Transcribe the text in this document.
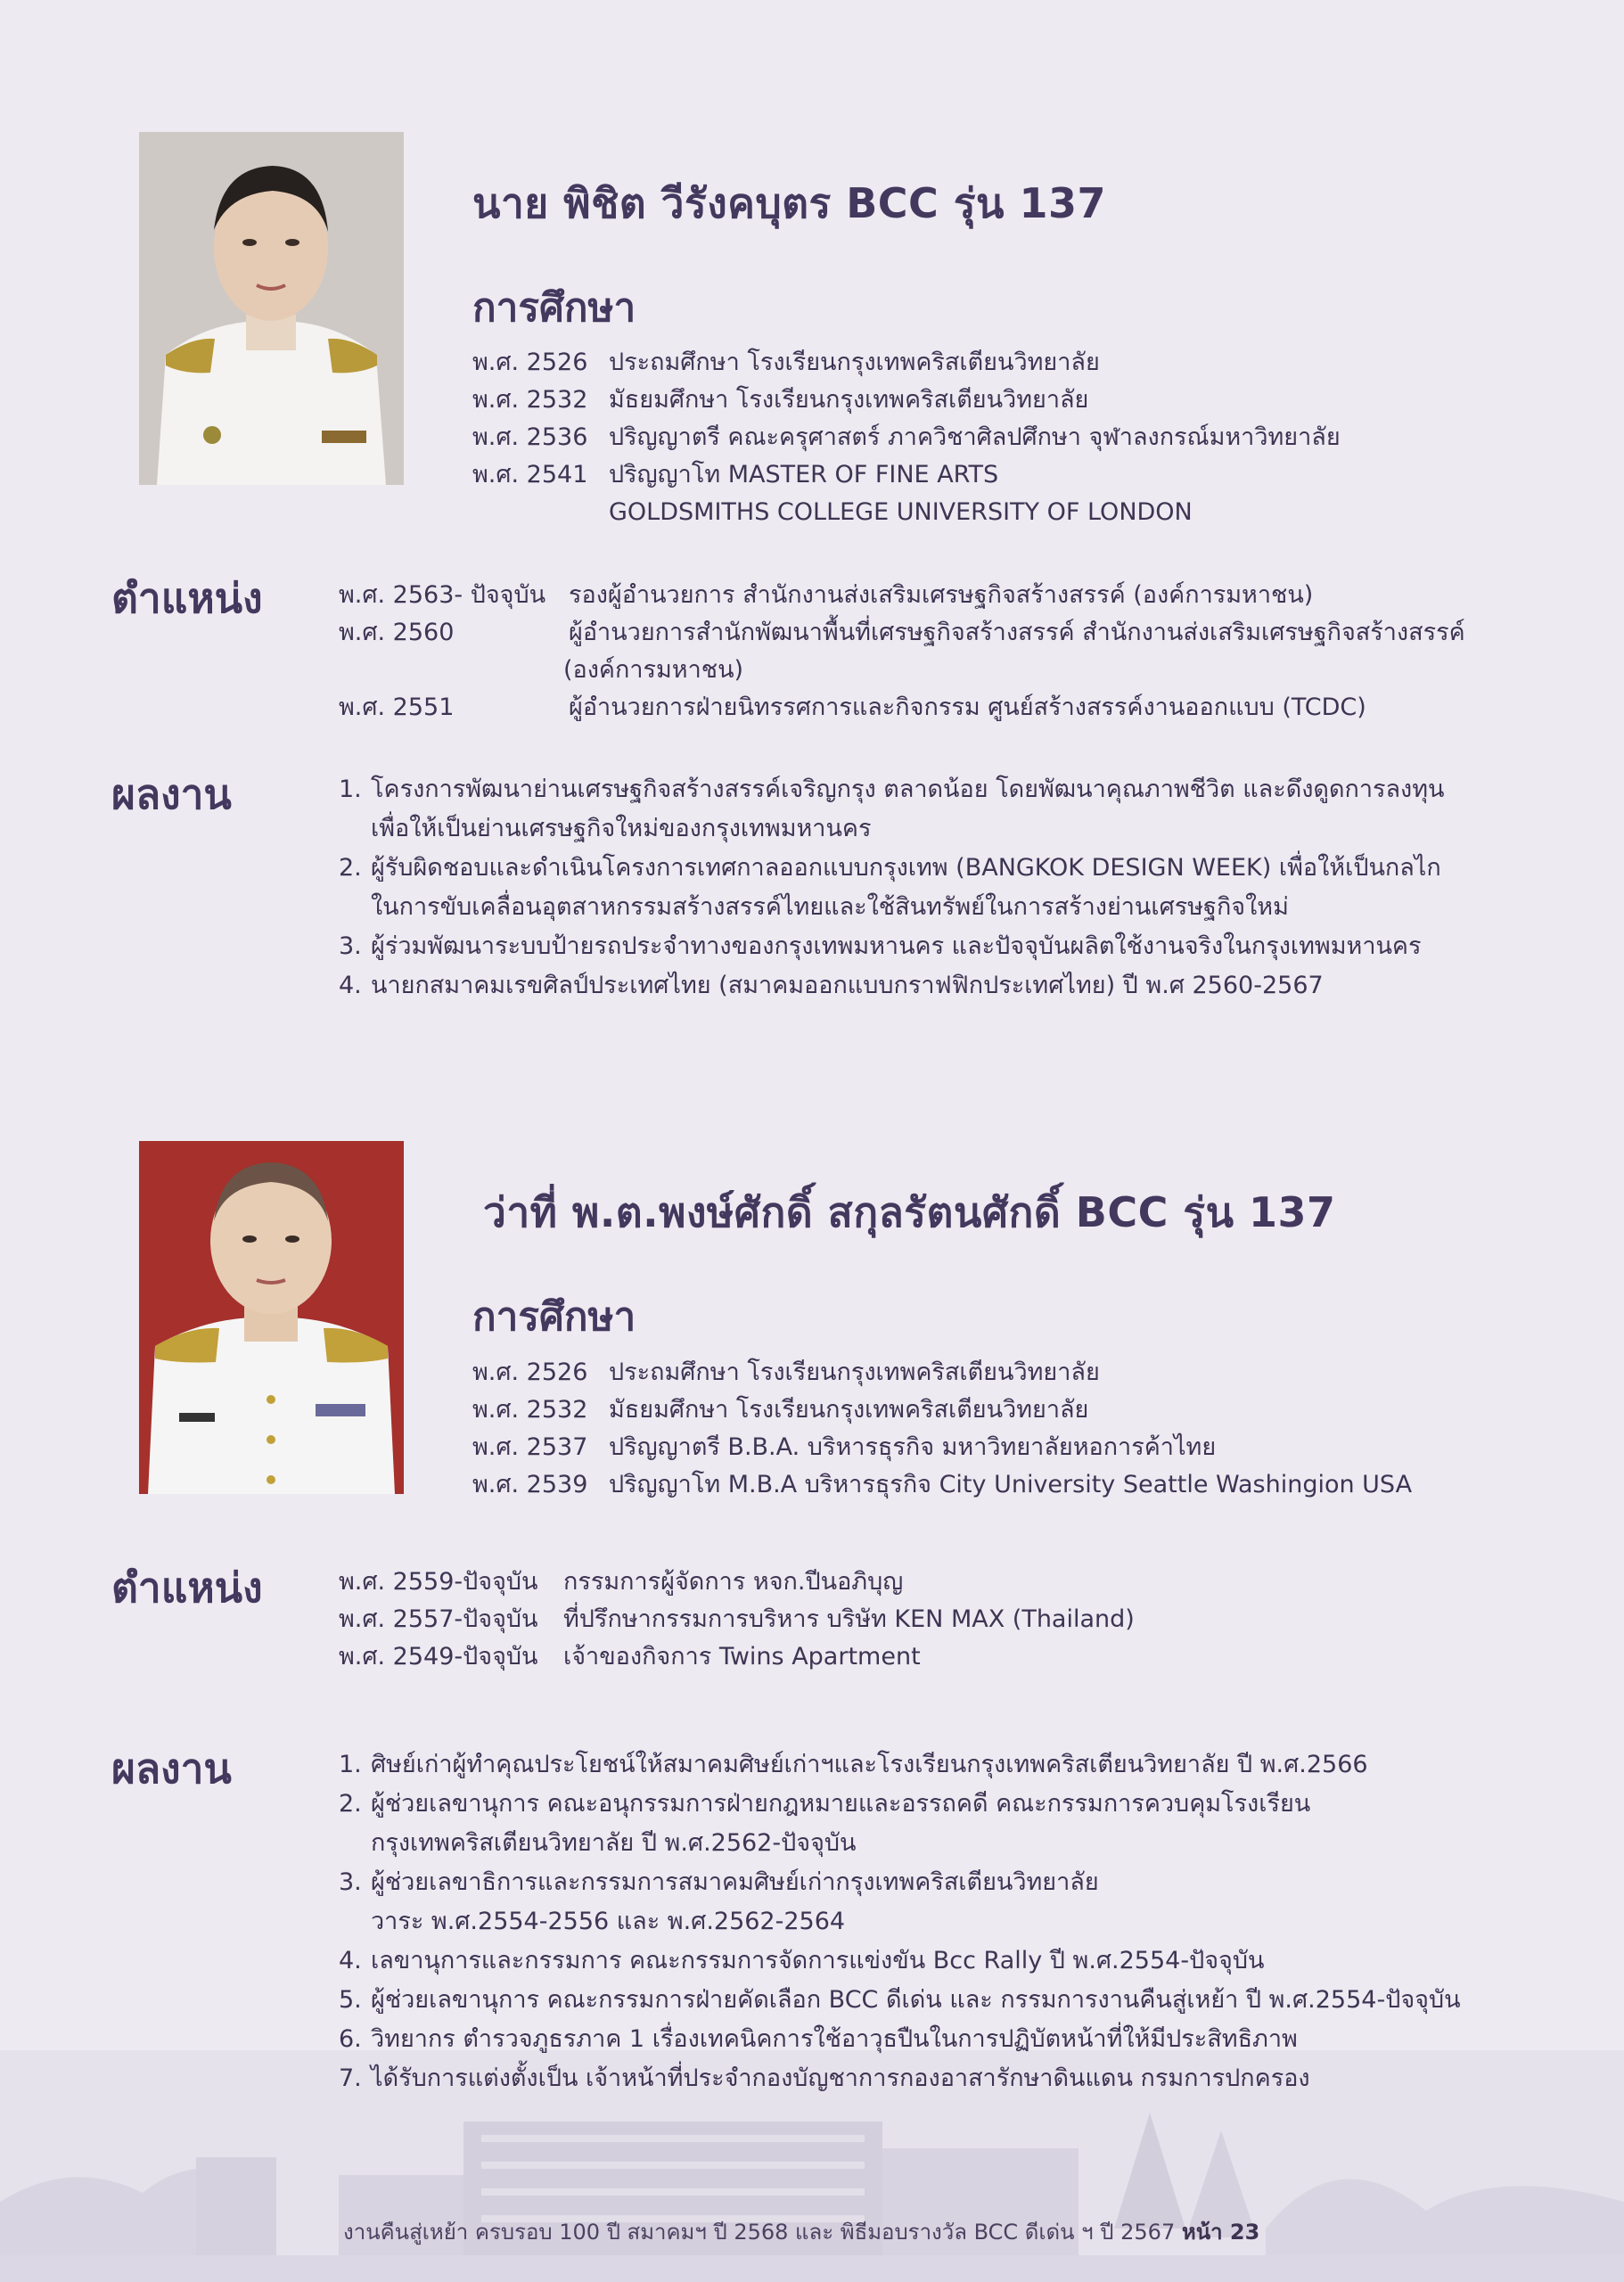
นาย พิชิต วีรังคบุตร BCC รุ่น 137
การศึกษา
พ.ศ. 2526 ประถมศึกษา โรงเรียนกรุงเทพคริสเตียนวิทยาลัย
พ.ศ. 2532 มัธยมศึกษา โรงเรียนกรุงเทพคริสเตียนวิทยาลัย
พ.ศ. 2536 ปริญญาตรี คณะครุศาสตร์ ภาควิชาศิลปศึกษา จุฬาลงกรณ์มหาวิทยาลัย
พ.ศ. 2541 ปริญญาโท MASTER OF FINE ARTS
GOLDSMITHS COLLEGE UNIVERSITY OF LONDON
ตำแหน่ง	พ.ศ. 2563- ปัจจุบัน รองผู้อำนวยการ สำนักงานส่งเสริมเศรษฐกิจสร้างสรรค์ (องค์การมหาชน)
พ.ศ. 2560	ผู้อำนวยการสำนักพัฒนาพื้นที่เศรษฐกิจสร้างสรรค์ สำนักงานส่งเสริมเศรษฐกิจสร้างสรรค์
(องค์การมหาชน)
พ.ศ. 2551	ผู้อำนวยการฝ่ายนิทรรศการและกิจกรรม ศูนย์สร้างสรรค์งานออกแบบ (TCDC)
ผลงาน	1. โครงการพัฒนาย่านเศรษฐกิจสร้างสรรค์เจริญกรุง ตลาดน้อย โดยพัฒนาคุณภาพชีวิต และดึงดูดการลงทุน
เพื่อให้เป็นย่านเศรษฐกิจใหม่ของกรุงเทพมหานคร
2. ผู้รับผิดชอบและดำเนินโครงการเทศกาลออกแบบกรุงเทพ (BANGKOK DESIGN WEEK) เพื่อให้เป็นกลไก
ในการขับเคลื่อนอุตสาหกรรมสร้างสรรค์ไทยและใช้สินทรัพย์ในการสร้างย่านเศรษฐกิจใหม่
3. ผู้ร่วมพัฒนาระบบป้ายรถประจำทางของกรุงเทพมหานคร และปัจจุบันผลิตใช้งานจริงในกรุงเทพมหานคร
4. นายกสมาคมเรขศิลป์ประเทศไทย (สมาคมออกแบบกราฟฟิกประเทศไทย) ปี พ.ศ 2560-2567
ว่าที่ พ.ต.พงษ์ศักดิ์ สกุลรัตนศักดิ์ BCC รุ่น 137
การศึกษา
พ.ศ. 2526 ประถมศึกษา โรงเรียนกรุงเทพคริสเตียนวิทยาลัย
พ.ศ. 2532 มัธยมศึกษา โรงเรียนกรุงเทพคริสเตียนวิทยาลัย
พ.ศ. 2537 ปริญญาตรี B.B.A. บริหารธุรกิจ มหาวิทยาลัยหอการค้าไทย
พ.ศ. 2539 ปริญญาโท M.B.A บริหารธุรกิจ City University Seattle Washingion USA
ตำแหน่ง	พ.ศ. 2559-ปัจจุบัน	กรรมการผู้จัดการ หจก.ปีนอภิบุญ
พ.ศ. 2557-ปัจจุบัน	ที่ปรึกษากรรมการบริหาร บริษัท KEN MAX (Thailand)
พ.ศ. 2549-ปัจจุบัน	เจ้าของกิจการ Twins Apartment
ผลงาน	1. ศิษย์เก่าผู้ทำคุณประโยชน์ให้สมาคมศิษย์เก่าฯและโรงเรียนกรุงเทพคริสเตียนวิทยาลัย ปี พ.ศ.2566
2. ผู้ช่วยเลขานุการ คณะอนุกรรมการฝ่ายกฎหมายและอรรถคดี คณะกรรมการควบคุมโรงเรียน
กรุงเทพคริสเตียนวิทยาลัย ปี พ.ศ.2562-ปัจจุบัน
3. ผู้ช่วยเลขาธิการและกรรมการสมาคมศิษย์เก่ากรุงเทพคริสเตียนวิทยาลัย
วาระ พ.ศ.2554-2556 และ พ.ศ.2562-2564
4. เลขานุการและกรรมการ คณะกรรมการจัดการแข่งขัน Bcc Rally ปี พ.ศ.2554-ปัจจุบัน
5. ผู้ช่วยเลขานุการ คณะกรรมการฝ่ายคัดเลือก BCC ดีเด่น และ กรรมการงานคืนสู่เหย้า ปี พ.ศ.2554-ปัจจุบัน
6. วิทยากร ตำรวจภูธรภาค 1 เรื่องเทคนิคการใช้อาวุธปืนในการปฏิบัตหน้าที่ให้มีประสิทธิภาพ
7. ได้รับการแต่งตั้งเป็น เจ้าหน้าที่ประจำกองบัญชาการกองอาสารักษาดินแดน กรมการปกครอง
งานคืนสู่เหย้า ครบรอบ 100 ปี สมาคมฯ ปี 2568 และ พิธีมอบรางวัล BCC ดีเด่น ฯ ปี 2567 หน้า 23
